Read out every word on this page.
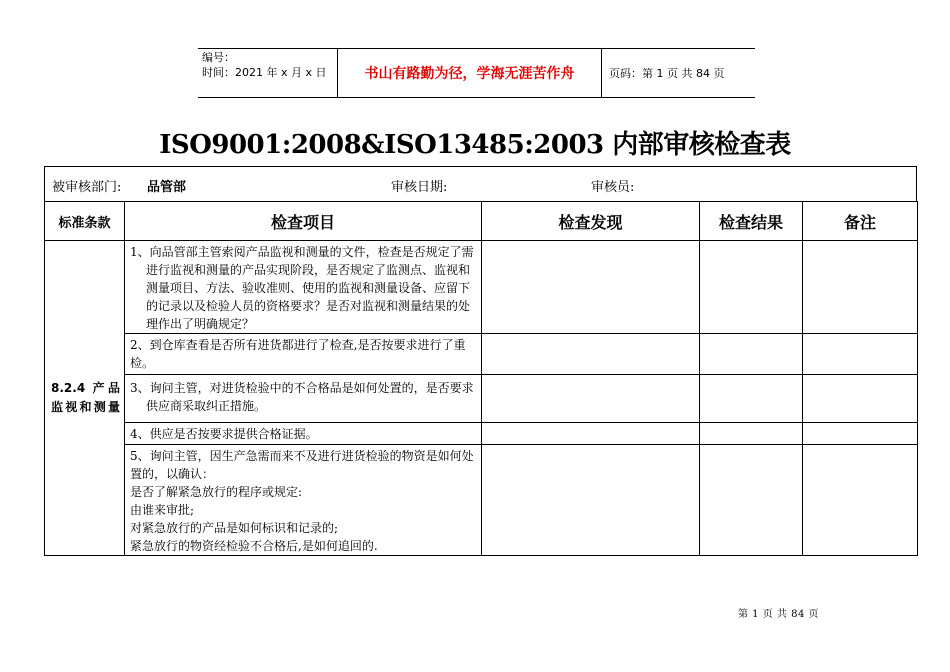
编号：
时间：2021 年 x 月 x 日	书山有路勤为径，学海无涯苦作舟	页码：第 1 页 共 84 页
ISO9001:2008&ISO13485:2003 内部审核检查表
被审核部门: 品管部	审核日期:	审核员:
标准条款	检查项目	检查发现	检查结果	备注
8.2.4 产品监视和测量	1、向品管部主管索阅产品监视和测量的文件，检查是否规定了需进行监视和测量的产品实现阶段，是否规定了监测点、监视和测量项目、方法、验收准则、使用的监视和测量设备、应留下的记录以及检验人员的资格要求？是否对监视和测量结果的处理作出了明确规定？			

	2、到仓库查看是否所有进货都进行了检查,是否按要求进行了重检。			

	3、询问主管，对进货检验中的不合格品是如何处置的，是否要求供应商采取纠正措施。			

	4、供应是否按要求提供合格证据。			

	5、询问主管，因生产急需而来不及进行进货检验的物资是如何处置的，以确认：
是否了解紧急放行的程序或规定:
由谁来审批;
对紧急放行的产品是如何标识和记录的;
紧急放行的物资经检验不合格后,是如何追回的.			

第 1 页 共 84 页
